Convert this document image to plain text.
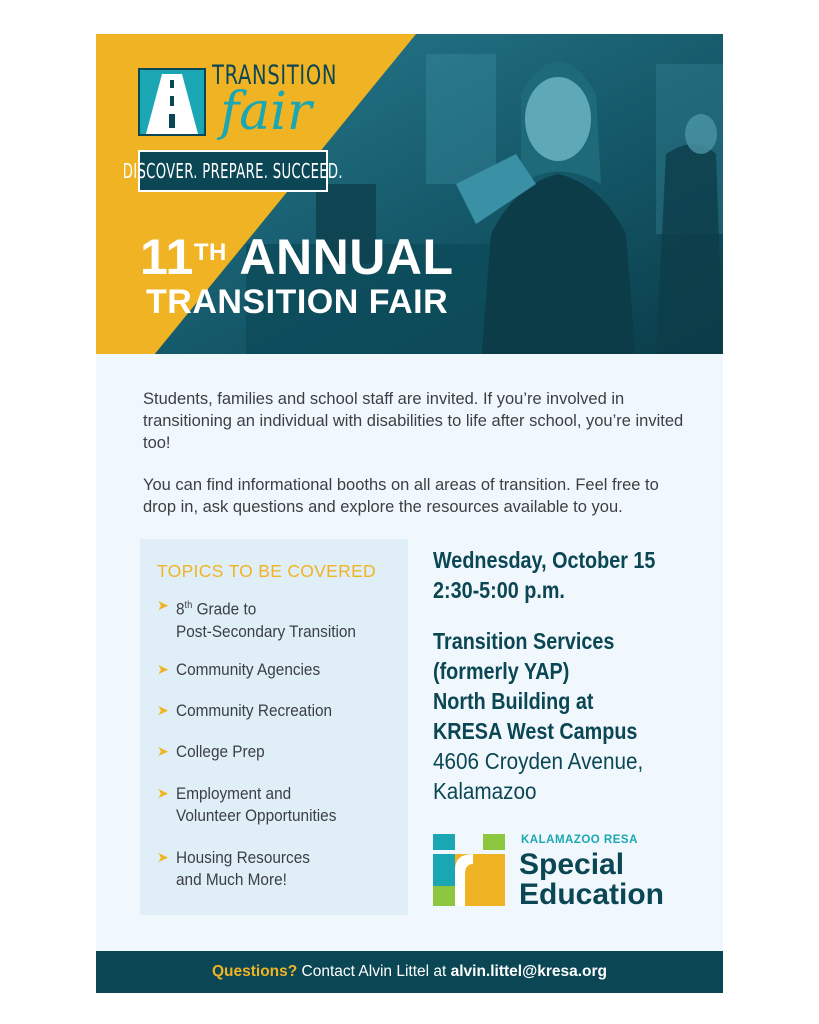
TRANSITION
fair
DISCOVER. PREPARE. SUCCEED.
11TH ANNUAL
TRANSITION FAIR

Students, families and school staff are invited. If you’re involved in transitioning an individual with disabilities to life after school, you’re invited too!

You can find informational booths on all areas of transition. Feel free to drop in, ask questions and explore the resources available to you.

TOPICS TO BE COVERED
➤ 8th Grade to
Post-Secondary Transition
➤ Community Agencies
➤ Community Recreation
➤ College Prep
➤ Employment and
Volunteer Opportunities
➤ Housing Resources
and Much More!
Wednesday, October 15
2:30-5:00 p.m.
Transition Services
(formerly YAP)
North Building at
KRESA West Campus
4606 Croyden Avenue,
Kalamazoo
KALAMAZOO RESA
Special
Education
Questions? Contact Alvin Littel at alvin.littel@kresa.org
